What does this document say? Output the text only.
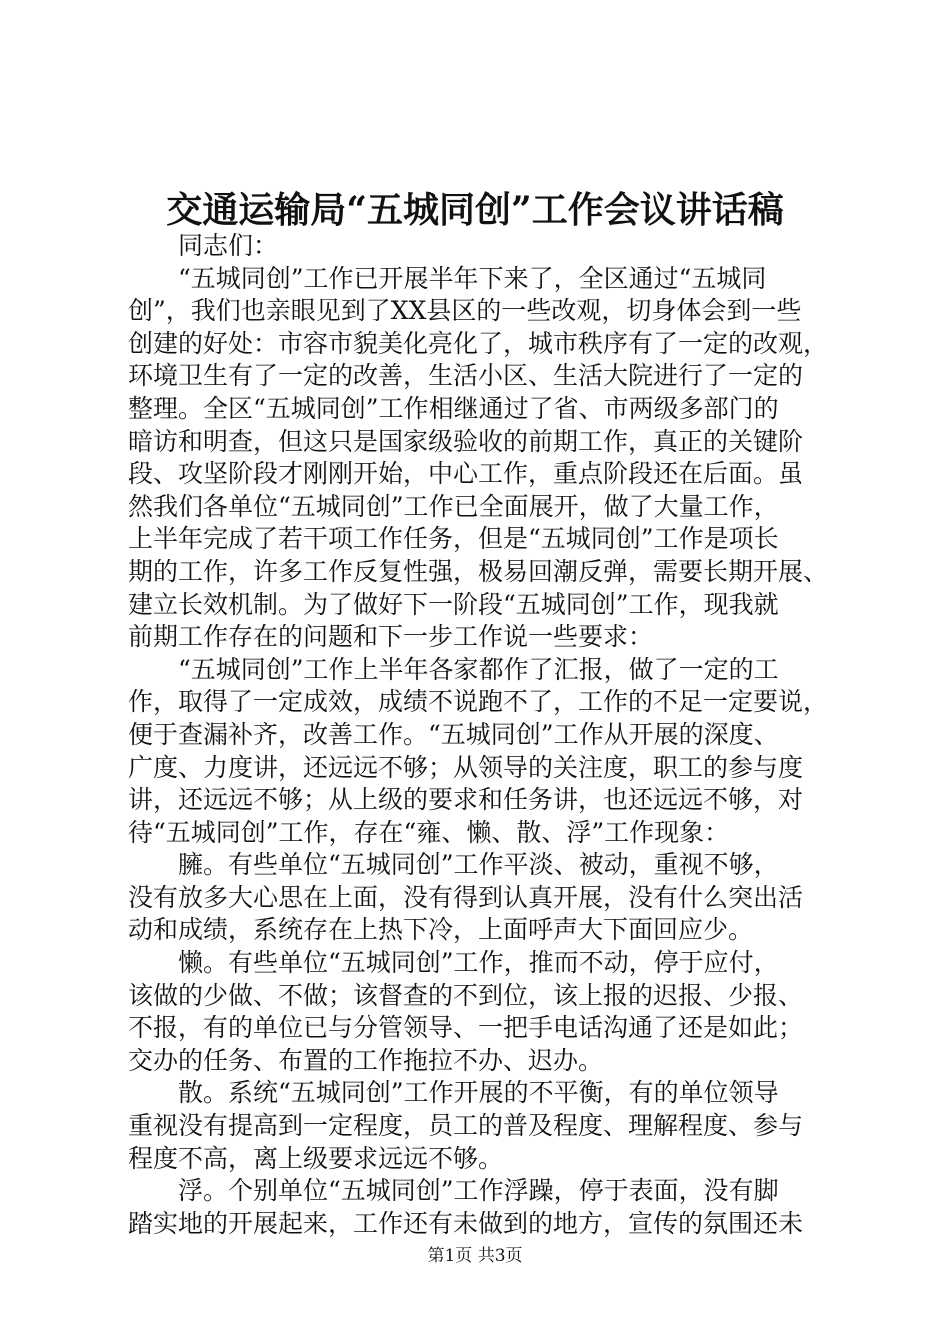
交通运输局“五城同创”工作会议讲话稿
同志们：
“五城同创”工作已开展半年下来了，全区通过“五城同
创”，我们也亲眼见到了XX县区的一些改观，切身体会到一些
创建的好处：市容市貌美化亮化了，城市秩序有了一定的改观，
环境卫生有了一定的改善，生活小区、生活大院进行了一定的
整理。全区“五城同创”工作相继通过了省、市两级多部门的
暗访和明查，但这只是国家级验收的前期工作，真正的关键阶
段、攻坚阶段才刚刚开始，中心工作，重点阶段还在后面。虽
然我们各单位“五城同创”工作已全面展开，做了大量工作，
上半年完成了若干项工作任务，但是“五城同创”工作是项长
期的工作，许多工作反复性强，极易回潮反弹，需要长期开展、
建立长效机制。为了做好下一阶段“五城同创”工作，现我就
前期工作存在的问题和下一步工作说一些要求：
“五城同创”工作上半年各家都作了汇报，做了一定的工
作，取得了一定成效，成绩不说跑不了，工作的不足一定要说，
便于查漏补齐，改善工作。“五城同创”工作从开展的深度、
广度、力度讲，还远远不够；从领导的关注度，职工的参与度
讲，还远远不够；从上级的要求和任务讲，也还远远不够，对
待“五城同创”工作，存在“雍、懒、散、浮”工作现象：
臃。有些单位“五城同创”工作平淡、被动，重视不够，
没有放多大心思在上面，没有得到认真开展，没有什么突出活
动和成绩，系统存在上热下冷，上面呼声大下面回应少。
懒。有些单位“五城同创”工作，推而不动，停于应付，
该做的少做、不做；该督查的不到位，该上报的迟报、少报、
不报，有的单位已与分管领导、一把手电话沟通了还是如此；
交办的任务、布置的工作拖拉不办、迟办。
散。系统“五城同创”工作开展的不平衡，有的单位领导
重视没有提高到一定程度，员工的普及程度、理解程度、参与
程度不高，离上级要求远远不够。
浮。个别单位“五城同创”工作浮躁，停于表面，没有脚
踏实地的开展起来，工作还有未做到的地方，宣传的氛围还未
第1页 共3页
